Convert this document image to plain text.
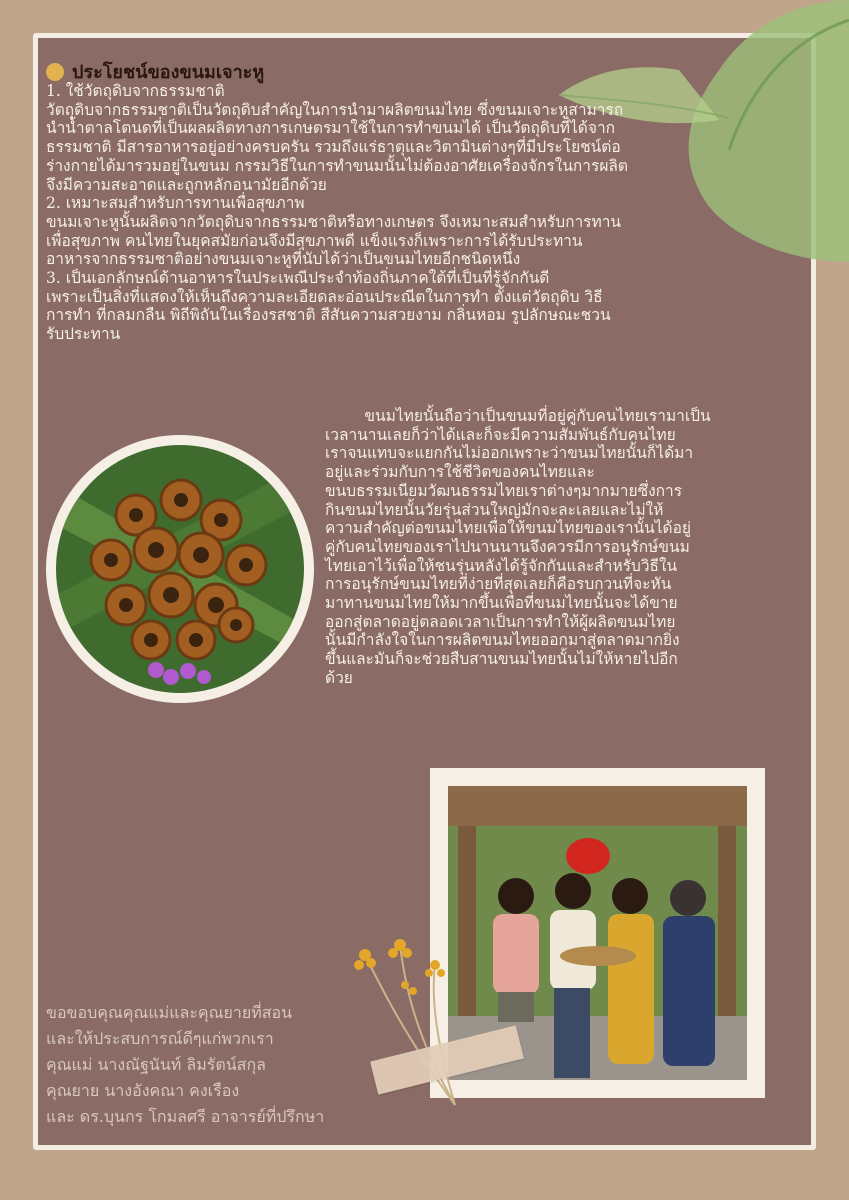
ประโยชน์ของขนมเจาะหู
1. ใช้วัตถุดิบจากธรรมชาติ
วัตถุดิบจากธรรมชาติเป็นวัตถุดิบสำคัญในการนำมาผลิตขนมไทย ซึ่งขนมเจาะหูสามารถ
นำน้ำตาลโตนดที่เป็นผลผลิตทางการเกษตรมาใช้ในการทำขนมได้ เป็นวัตถุดิบที่ได้จาก
ธรรมชาติ มีสารอาหารอยู่อย่างครบครัน รวมถึงแร่ธาตุและวิตามินต่างๆที่มีประโยชน์ต่อ
ร่างกายได้มารวมอยู่ในขนม กรรมวิธีในการทำขนมนั้นไม่ต้องอาศัยเครื่องจักรในการผลิต
จึงมีความสะอาดและถูกหลักอนามัยอีกด้วย
2. เหมาะสมสำหรับการทานเพื่อสุขภาพ
ขนมเจาะหูนั้นผลิตจากวัตถุดิบจากธรรมชาติหรือทางเกษตร จึงเหมาะสมสำหรับการทาน
เพื่อสุขภาพ คนไทยในยุคสมัยก่อนจึงมีสุขภาพดี แข็งแรงก็เพราะการได้รับประทาน
อาหารจากธรรมชาติอย่างขนมเจาะหูที่นับได้ว่าเป็นขนมไทยอีกชนิดหนึ่ง
3. เป็นเอกลักษณ์ด้านอาหารในประเพณีประจำท้องถิ่นภาคใต้ที่เป็นที่รู้จักกันดี
เพราะเป็นสิ่งที่แสดงให้เห็นถึงความละเอียดละอ่อนประณีตในการทำ ตั้งแต่วัตถุดิบ วิธี
การทำ ที่กลมกลืน พิถีพิถันในเรื่องรสชาติ สีสันความสวยงาม กลิ่นหอม รูปลักษณะชวน
รับประทาน
ขนมไทยนั้นถือว่าเป็นขนมที่อยู่คู่กับคนไทยเรามาเป็น
เวลานานเลยก็ว่าได้และก็จะมีความสัมพันธ์กับคนไทย
เราจนแทบจะแยกกันไม่ออกเพราะว่าขนมไทยนั้นก็ได้มา
อยู่และร่วมกับการใช้ชีวิตของคนไทยและ
ขนบธรรมเนียมวัฒนธรรมไทยเราต่างๆมากมายซึ่งการ
กินขนมไทยนั้นวัยรุ่นส่วนใหญ่มักจะละเลยและไม่ให้
ความสำคัญต่อขนมไทยเพื่อให้ขนมไทยของเรานั้นได้อยู่
คู่กับคนไทยของเราไปนานนานจึงควรมีการอนุรักษ์ขนม
ไทยเอาไว้เพื่อให้ชนรุ่นหลังได้รู้จักกันและสำหรับวิธีใน
การอนุรักษ์ขนมไทยที่ง่ายที่สุดเลยก็คือรบกวนที่จะหัน
มาทานขนมไทยให้มากขึ้นเพื่อที่ขนมไทยนั้นจะได้ขาย
ออกสู่ตลาดอยู่ตลอดเวลาเป็นการทำให้ผู้ผลิตขนมไทย
นั้นมีกำลังใจในการผลิตขนมไทยออกมาสู่ตลาดมากยิ่ง
ขึ้นและมันก็จะช่วยสืบสานขนมไทยนั้นไม่ให้หายไปอีก
ด้วย
ขอขอบคุณคุณแม่และคุณยายที่สอน
และให้ประสบการณ์ดีๆแก่พวกเรา
คุณแม่ นางณัฐนันท์ ลิมรัตน์สกุล
คุณยาย นางอังคณา คงเรือง
และ ดร.บุนกร โกมลศรี อาจารย์ที่ปรึกษา
